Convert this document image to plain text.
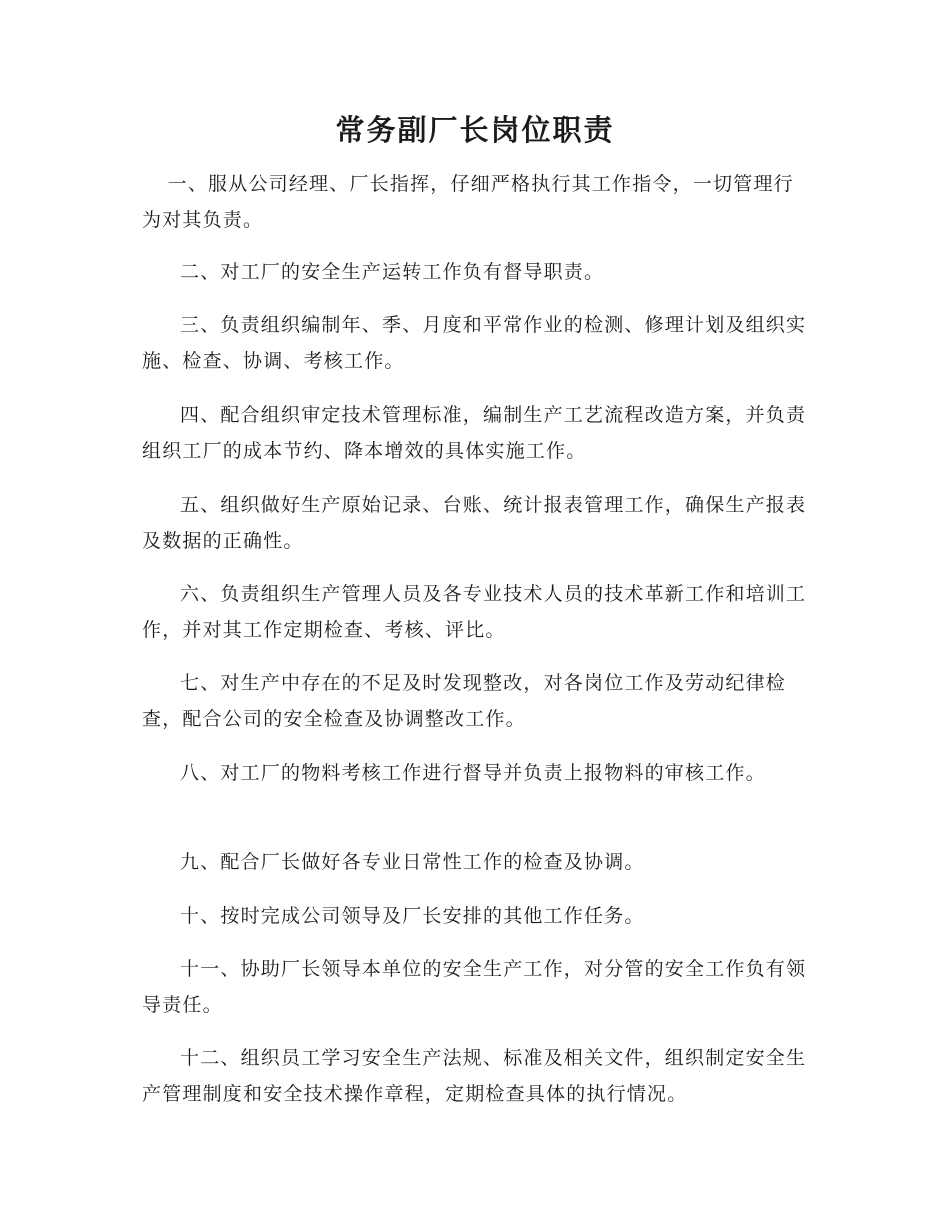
常务副厂长岗位职责

一、服从公司经理、厂长指挥，仔细严格执行其工作指令，一切管理行为对其负责。

二、对工厂的安全生产运转工作负有督导职责。

三、负责组织编制年、季、月度和平常作业的检测、修理计划及组织实施、检查、协调、考核工作。

四、配合组织审定技术管理标准，编制生产工艺流程改造方案，并负责组织工厂的成本节约、降本增效的具体实施工作。

五、组织做好生产原始记录、台账、统计报表管理工作，确保生产报表及数据的正确性。

六、负责组织生产管理人员及各专业技术人员的技术革新工作和培训工作，并对其工作定期检查、考核、评比。

七、对生产中存在的不足及时发现整改，对各岗位工作及劳动纪律检查，配合公司的安全检查及协调整改工作。

八、对工厂的物料考核工作进行督导并负责上报物料的审核工作。

九、配合厂长做好各专业日常性工作的检查及协调。

十、按时完成公司领导及厂长安排的其他工作任务。

十一、协助厂长领导本单位的安全生产工作，对分管的安全工作负有领导责任。

十二、组织员工学习安全生产法规、标准及相关文件，组织制定安全生产管理制度和安全技术操作章程，定期检查具体的执行情况。
